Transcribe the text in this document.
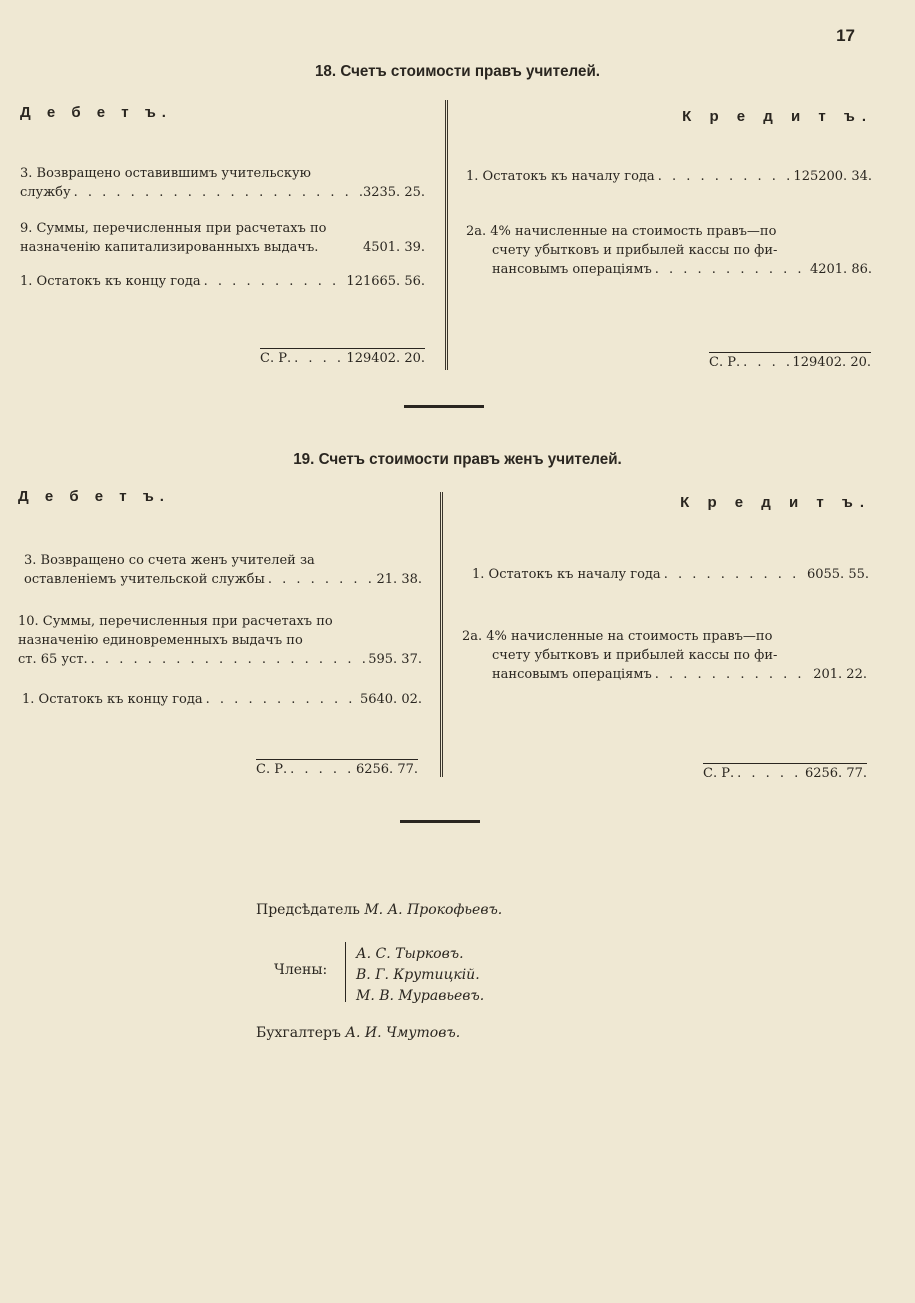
17
18. Счетъ стоимости правъ учителей.
Д е б е т ъ.	К р е д и т ъ.
3. Возвращено оставившимъ учительскую
службу . . .	3235. 25.
9. Суммы, перечисленныя при расчетахъ по
назначенію капитализированныхъ выдачъ.	4501. 39.
1. Остатокъ къ концу года . . .	121665. 56.
С. Р. . . .	129402. 20.
1. Остатокъ къ началу года . . .	125200. 34.
2а. 4% начисленные на стоимость правъ—по
счету убытковъ и прибылей кассы по фи-
нансовымъ операціямъ . . .	4201. 86.
С. Р. . . .	129402. 20.
19. Счетъ стоимости правъ женъ учителей.
Д е б е т ъ.	К р е д и т ъ.
3. Возвращено со счета женъ учителей за
оставленіемъ учительской службы . . .	21. 38.
10. Суммы, перечисленныя при расчетахъ по
назначенію единовременныхъ выдачъ по
ст. 65 уст. . . .	595. 37.
1. Остатокъ къ концу года . . .	5640. 02.
С. Р. . . .	6256. 77.
1. Остатокъ къ началу года . . .	6055. 55.
2а. 4% начисленные на стоимость правъ—по
счету убытковъ и прибылей кассы по фи-
нансовымъ операціямъ . . .	201. 22.
С. Р. . . .	6256. 77.
Предсѣдатель М. А. Прокофьевъ.
Члены:
А. С. Тырковъ.
В. Г. Крутицкій.
М. В. Муравьевъ.
Бухгалтеръ А. И. Чмутовъ.
